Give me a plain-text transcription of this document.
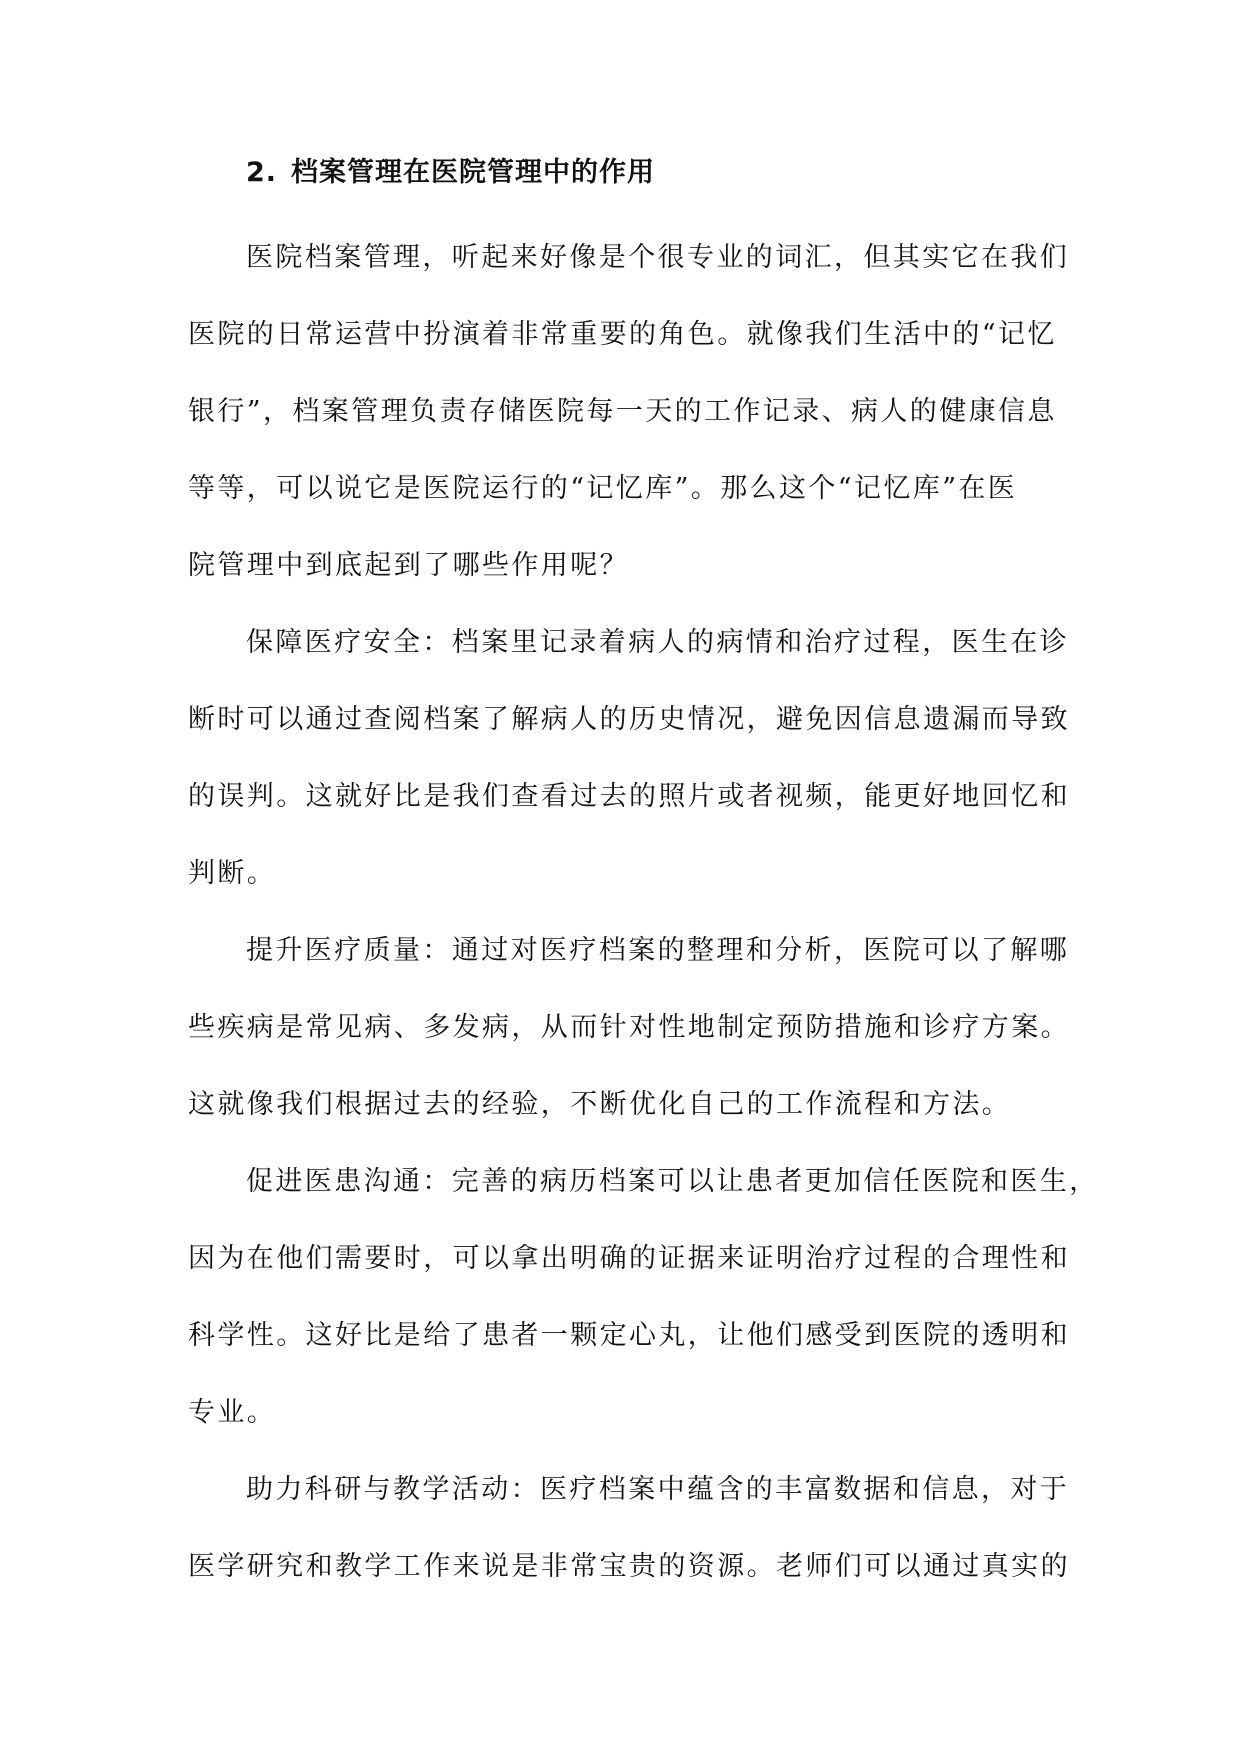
2. 档案管理在医院管理中的作用
医院档案管理，听起来好像是个很专业的词汇，但其实它在我们
医院的日常运营中扮演着非常重要的角色。就像我们生活中的“记忆
银行”，档案管理负责存储医院每一天的工作记录、病人的健康信息
等等，可以说它是医院运行的“记忆库”。那么这个“记忆库”在医
院管理中到底起到了哪些作用呢？
保障医疗安全：档案里记录着病人的病情和治疗过程，医生在诊
断时可以通过查阅档案了解病人的历史情况，避免因信息遗漏而导致
的误判。这就好比是我们查看过去的照片或者视频，能更好地回忆和
判断。
提升医疗质量：通过对医疗档案的整理和分析，医院可以了解哪
些疾病是常见病、多发病，从而针对性地制定预防措施和诊疗方案。
这就像我们根据过去的经验，不断优化自己的工作流程和方法。
促进医患沟通：完善的病历档案可以让患者更加信任医院和医生，
因为在他们需要时，可以拿出明确的证据来证明治疗过程的合理性和
科学性。这好比是给了患者一颗定心丸，让他们感受到医院的透明和
专业。
助力科研与教学活动：医疗档案中蕴含的丰富数据和信息，对于
医学研究和教学工作来说是非常宝贵的资源。老师们可以通过真实的
